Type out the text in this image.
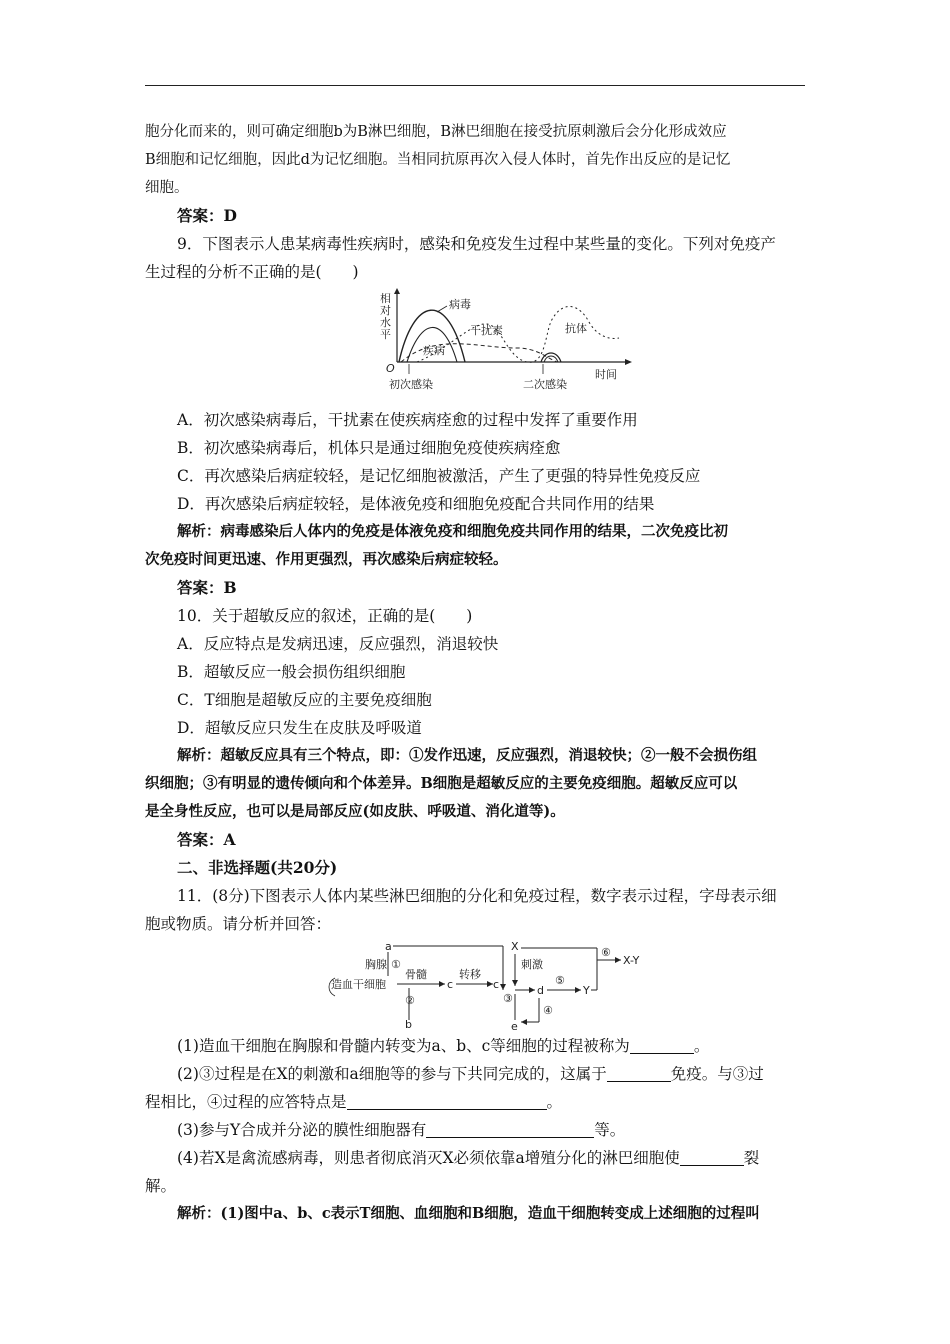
胞分化而来的，则可确定细胞b为B淋巴细胞，B淋巴细胞在接受抗原刺激后会分化形成效应
B细胞和记忆细胞，因此d为记忆细胞。当相同抗原再次入侵人体时，首先作出反应的是记忆
细胞。
答案：D
9．下图表示人患某病毒性疾病时，感染和免疫发生过程中某些量的变化。下列对免疫产
生过程的分析不正确的是(　　)
相
对
水
平
O
病毒
干扰素
疾病
抗体
初次感染	二次感染
时间
A．初次感染病毒后，干扰素在使疾病痊愈的过程中发挥了重要作用
B．初次感染病毒后，机体只是通过细胞免疫使疾病痊愈
C．再次感染后病症较轻，是记忆细胞被激活，产生了更强的特异性免疫反应
D．再次感染后病症较轻，是体液免疫和细胞免疫配合共同作用的结果
解析：病毒感染后人体内的免疫是体液免疫和细胞免疫共同作用的结果，二次免疫比初
次免疫时间更迅速、作用更强烈，再次感染后病症较轻。
答案：B
10．关于超敏反应的叙述，正确的是(　　)
A．反应特点是发病迅速，反应强烈，消退较快
B．超敏反应一般会损伤组织细胞
C．T细胞是超敏反应的主要免疫细胞
D．超敏反应只发生在皮肤及呼吸道
解析：超敏反应具有三个特点，即：①发作迅速，反应强烈，消退较快；②一般不会损伤组
织细胞；③有明显的遗传倾向和个体差异。B细胞是超敏反应的主要免疫细胞。超敏反应可以
是全身性反应，也可以是局部反应(如皮肤、呼吸道、消化道等)。
答案：A
二、非选择题(共20分)
11．(8分)下图表示人体内某些淋巴细胞的分化和免疫过程，数字表示过程，字母表示细
胞或物质。请分析并回答：
a
胸腺 ①
造血干细胞
骨髓
c
转移
c
②
b
X
刺激
③
d
e
④
⑤
Y
⑥
X-Y
(1)造血干细胞在胸腺和骨髓内转变为a、b、c等细胞的过程被称为	。
(2)③过程是在X的刺激和a细胞等的参与下共同完成的，这属于	免疫。与③过
程相比，④过程的应答特点是	。
(3)参与Y合成并分泌的膜性细胞器有	等。
(4)若X是禽流感病毒，则患者彻底消灭X必须依靠a增殖分化的淋巴细胞使	裂
解。
解析：(1)图中a、b、c表示T细胞、血细胞和B细胞，造血干细胞转变成上述细胞的过程叫
